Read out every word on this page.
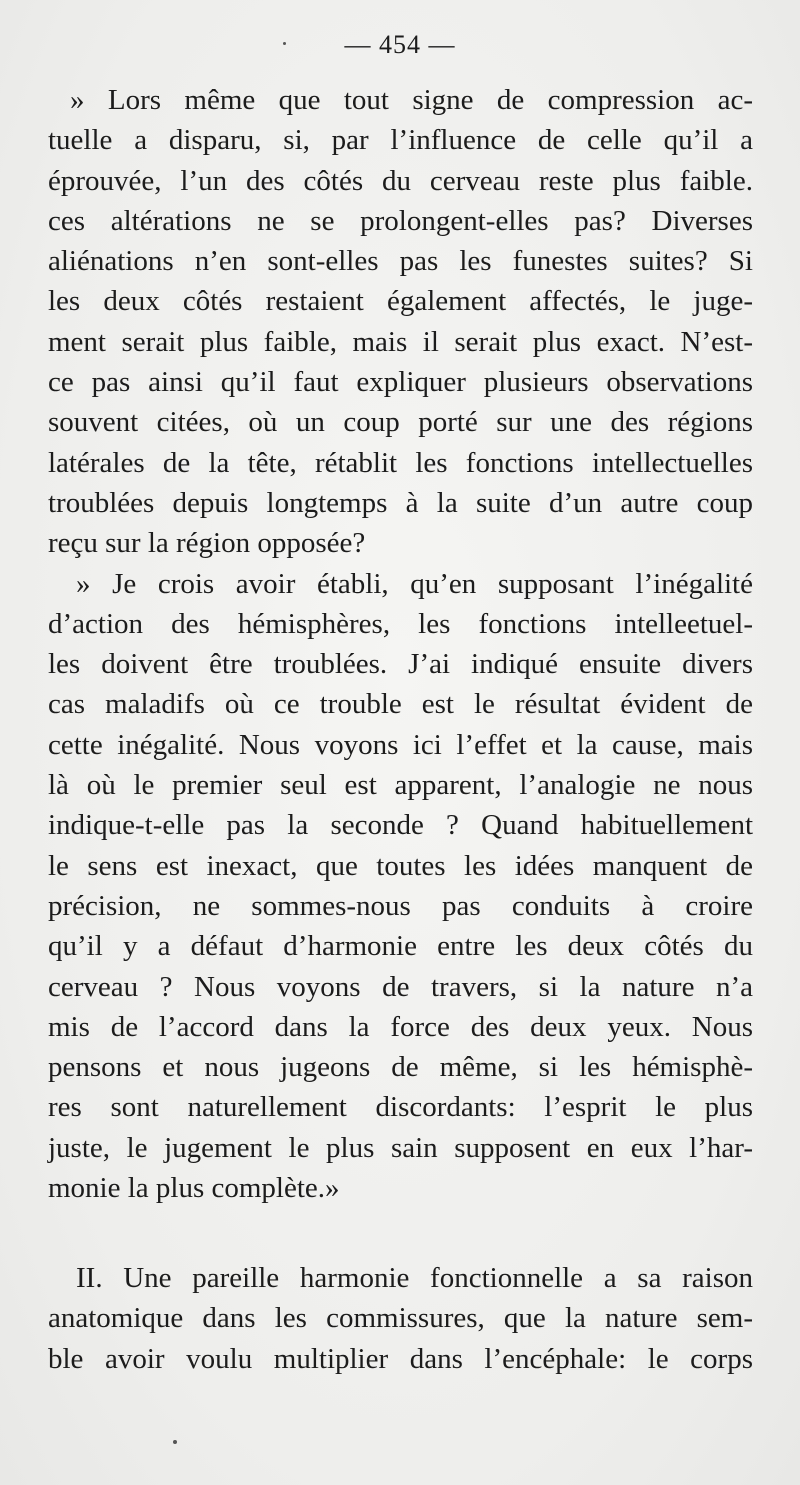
— 454 —
» Lors même que tout signe de compression ac-
tuelle a disparu, si, par l’influence de celle qu’il a
éprouvée, l’un des côtés du cerveau reste plus faible.
ces altérations ne se prolongent-elles pas? Diverses
aliénations n’en sont-elles pas les funestes suites? Si
les deux côtés restaient également affectés, le juge-
ment serait plus faible, mais il serait plus exact. N’est-
ce pas ainsi qu’il faut expliquer plusieurs observations
souvent citées, où un coup porté sur une des régions
latérales de la tête, rétablit les fonctions intellectuelles
troublées depuis longtemps à la suite d’un autre coup
reçu sur la région opposée?
» Je crois avoir établi, qu’en supposant l’inégalité
d’action des hémisphères, les fonctions intelleetuel-
les doivent être troublées. J’ai indiqué ensuite divers
cas maladifs où ce trouble est le résultat évident de
cette inégalité. Nous voyons ici l’effet et la cause, mais
là où le premier seul est apparent, l’analogie ne nous
indique-t-elle pas la seconde ? Quand habituellement
le sens est inexact, que toutes les idées manquent de
précision, ne sommes-nous pas conduits à croire
qu’il y a défaut d’harmonie entre les deux côtés du
cerveau ? Nous voyons de travers, si la nature n’a
mis de l’accord dans la force des deux yeux. Nous
pensons et nous jugeons de même, si les hémisphè-
res sont naturellement discordants: l’esprit le plus
juste, le jugement le plus sain supposent en eux l’har-
monie la plus complète.»
II. Une pareille harmonie fonctionnelle a sa raison
anatomique dans les commissures, que la nature sem-
ble avoir voulu multiplier dans l’encéphale: le corps
